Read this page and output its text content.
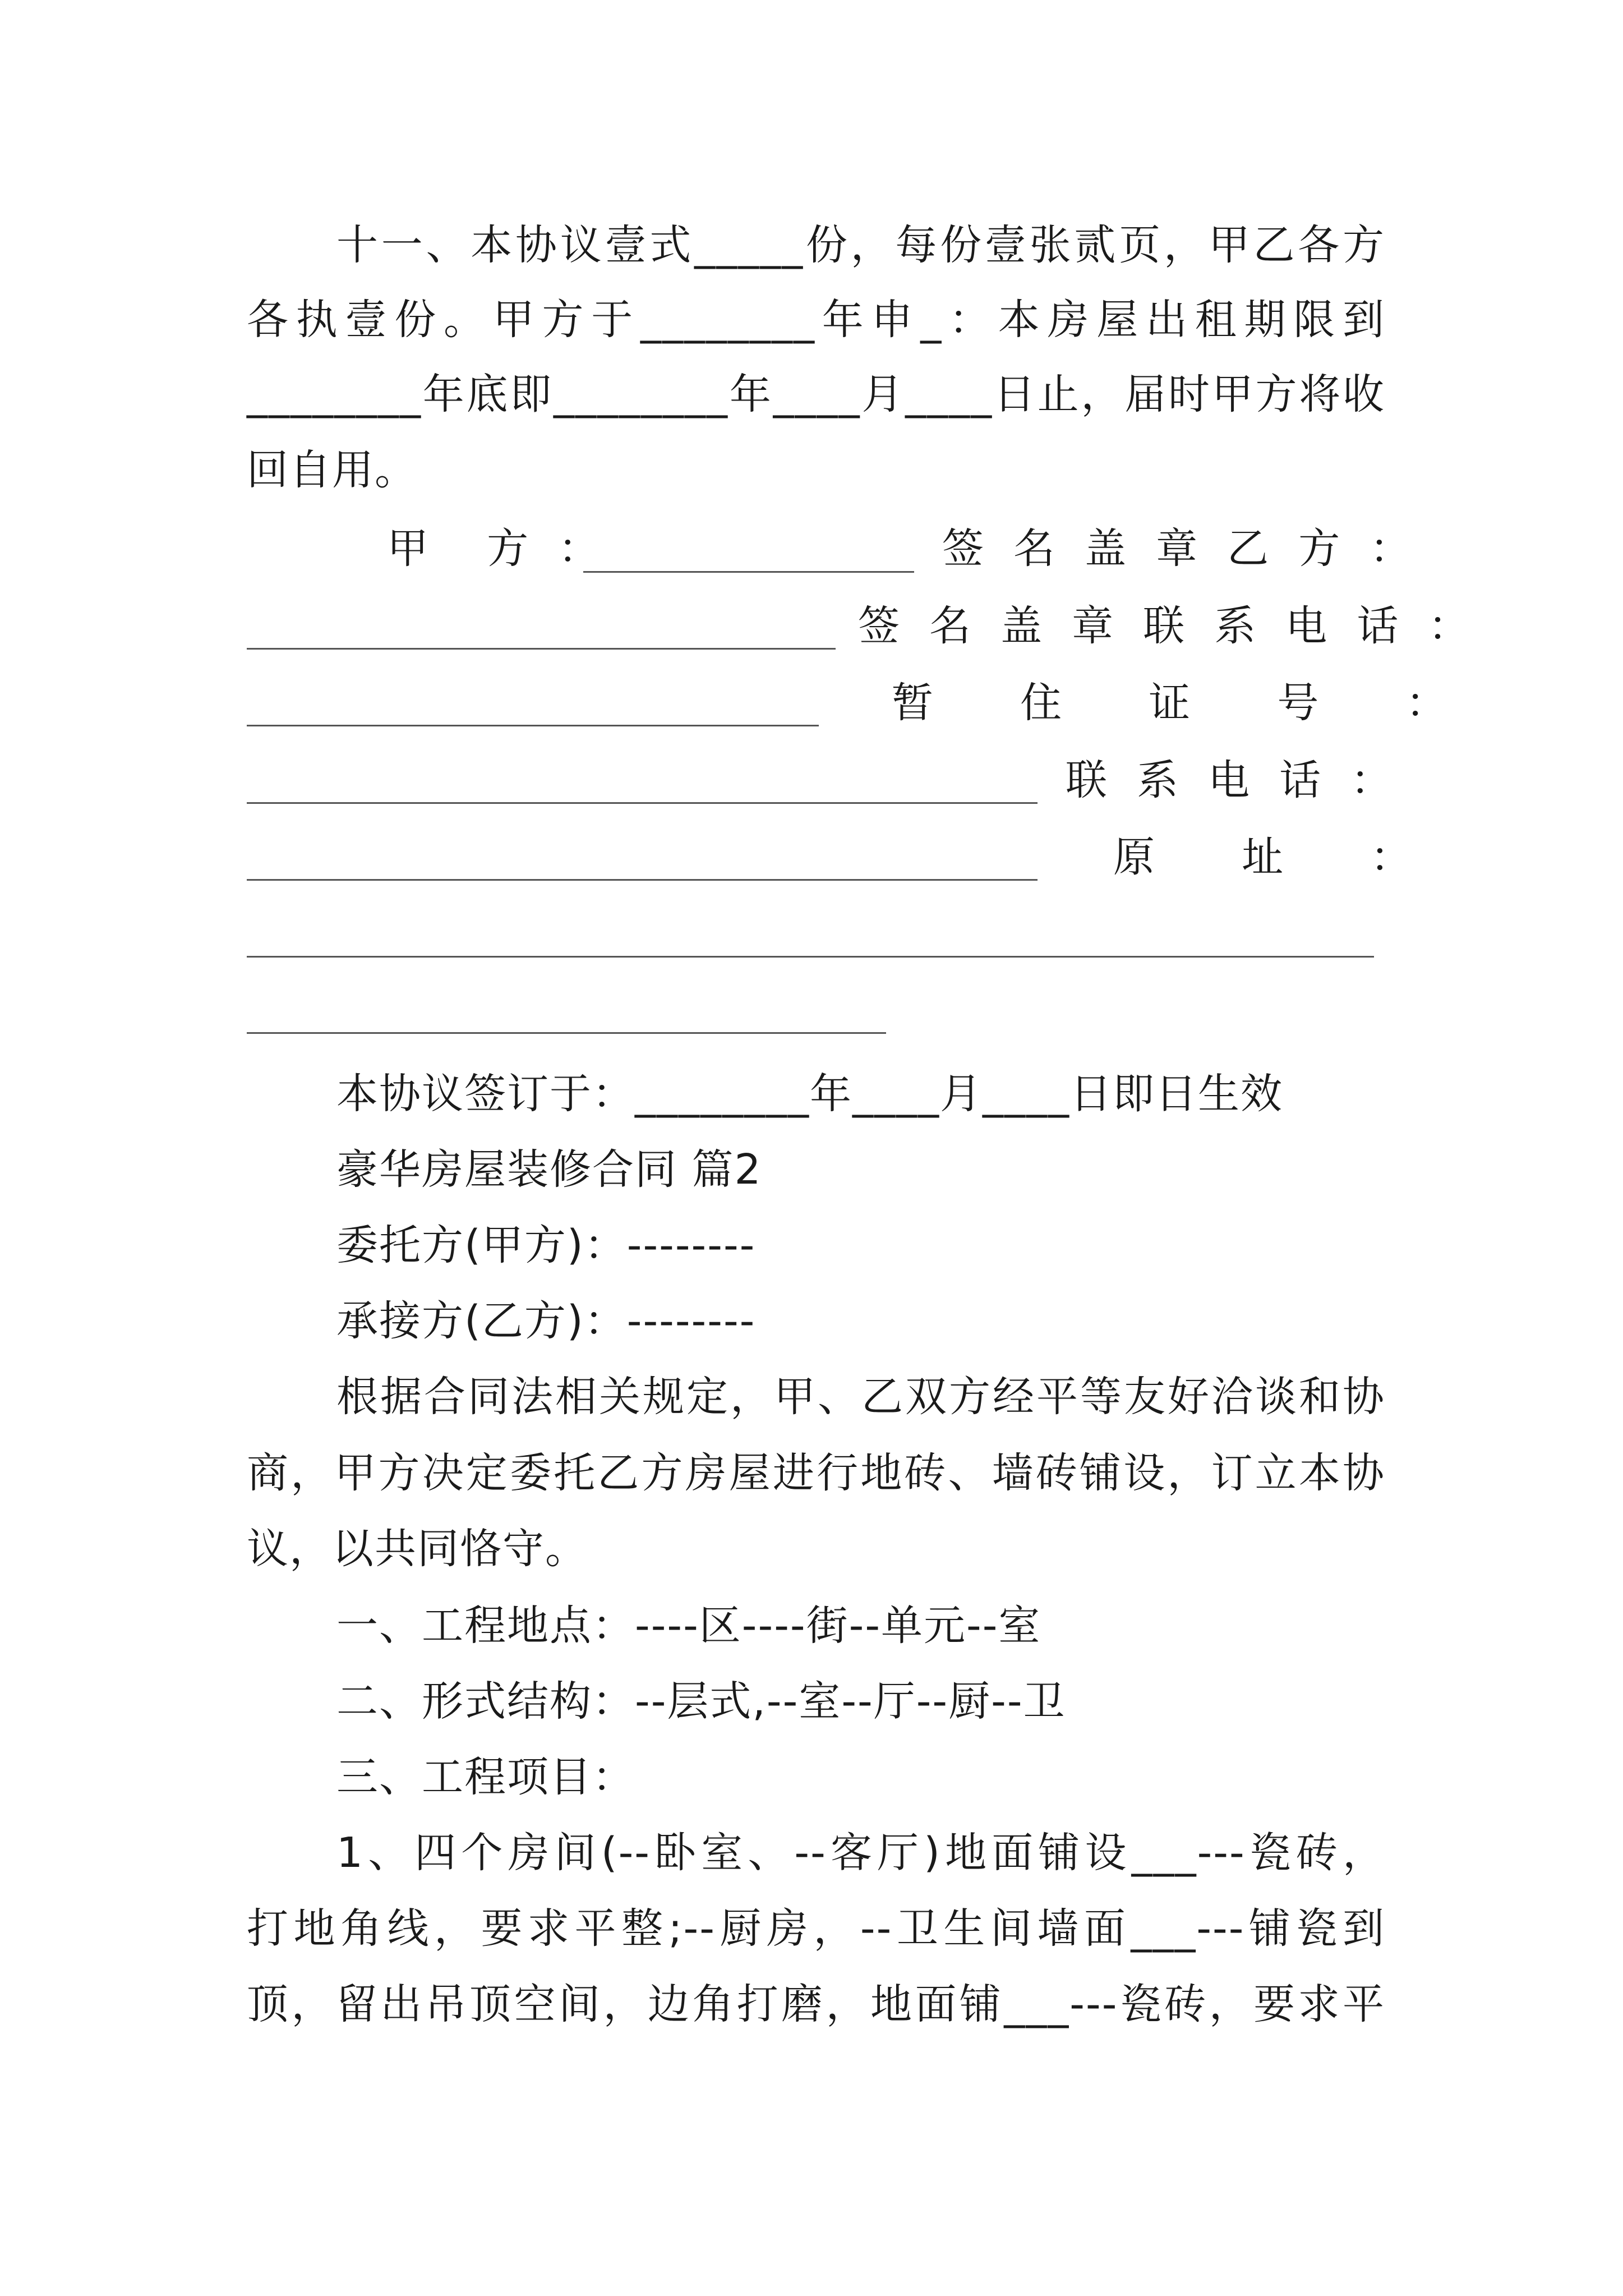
十一、本协议壹式_____份，每份壹张贰页，甲乙各方
各执壹份。甲方于________年申_：本房屋出租期限到
________年底即________年____月____日止，届时甲方将收
回自用。
甲    方  ：	签  名  盖  章  乙  方  ：
签  名  盖  章  联  系  电  话  ：
暂      住      证      号      ：
联  系  电  话  ：
原      址      ：
本协议签订于：________年____月____日即日生效
豪华房屋装修合同 篇2
委托方(甲方)：--------
承接方(乙方)：--------
根据合同法相关规定，甲、乙双方经平等友好洽谈和协
商，甲方决定委托乙方房屋进行地砖、墙砖铺设，订立本协
议，以共同恪守。
一、工程地点：----区----街--单元--室
二、形式结构：--层式,--室--厅--厨--卫
三、工程项目：
1、四个房间(--卧室、--客厅)地面铺设___---瓷砖，
打地角线，要求平整;--厨房，--卫生间墙面___---铺瓷到
顶，留出吊顶空间，边角打磨，地面铺___---瓷砖，要求平
